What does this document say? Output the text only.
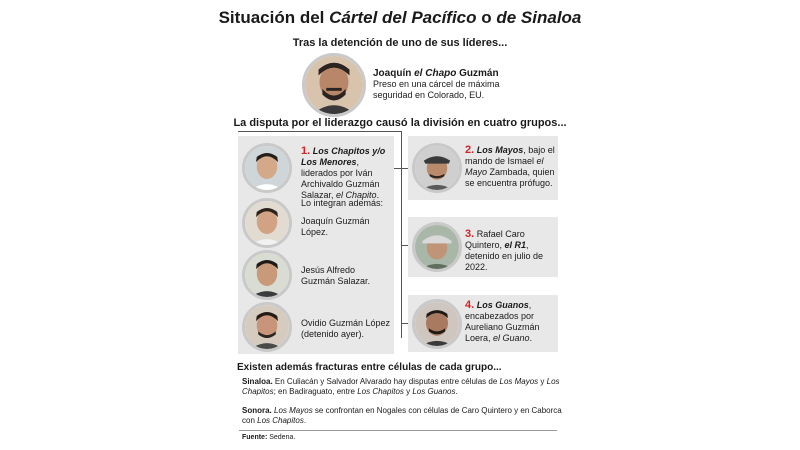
Situación del Cártel del Pacífico o de Sinaloa
Tras la detención de uno de sus líderes...
Joaquín el Chapo Guzmán
Preso en una cárcel de máxima seguridad en Colorado, EU.
La disputa por el liderazgo causó la división en cuatro grupos...
1. Los Chapitos y/o Los Menores, liderados por Iván Archivaldo Guzmán Salazar, el Chapito.
Lo integran además:
Joaquín Guzmán López.
Jesús Alfredo Guzmán Salazar.
Ovidio Guzmán López (detenido ayer).
2. Los Mayos, bajo el mando de Ismael el Mayo Zambada, quien se encuentra prófugo.
3. Rafael Caro Quintero, el R1, detenido en julio de 2022.
4. Los Guanos, encabezados por Aureliano Guzmán Loera, el Guano.
Existen además fracturas entre células de cada grupo...
Sinaloa. En Culiacán y Salvador Alvarado hay disputas entre células de Los Mayos y Los Chapitos; en Badiraguato, entre Los Chapitos y Los Guanos.
Sonora. Los Mayos se confrontan en Nogales con células de Caro Quintero y en Caborca con Los Chapitos.
Fuente: Sedena.
